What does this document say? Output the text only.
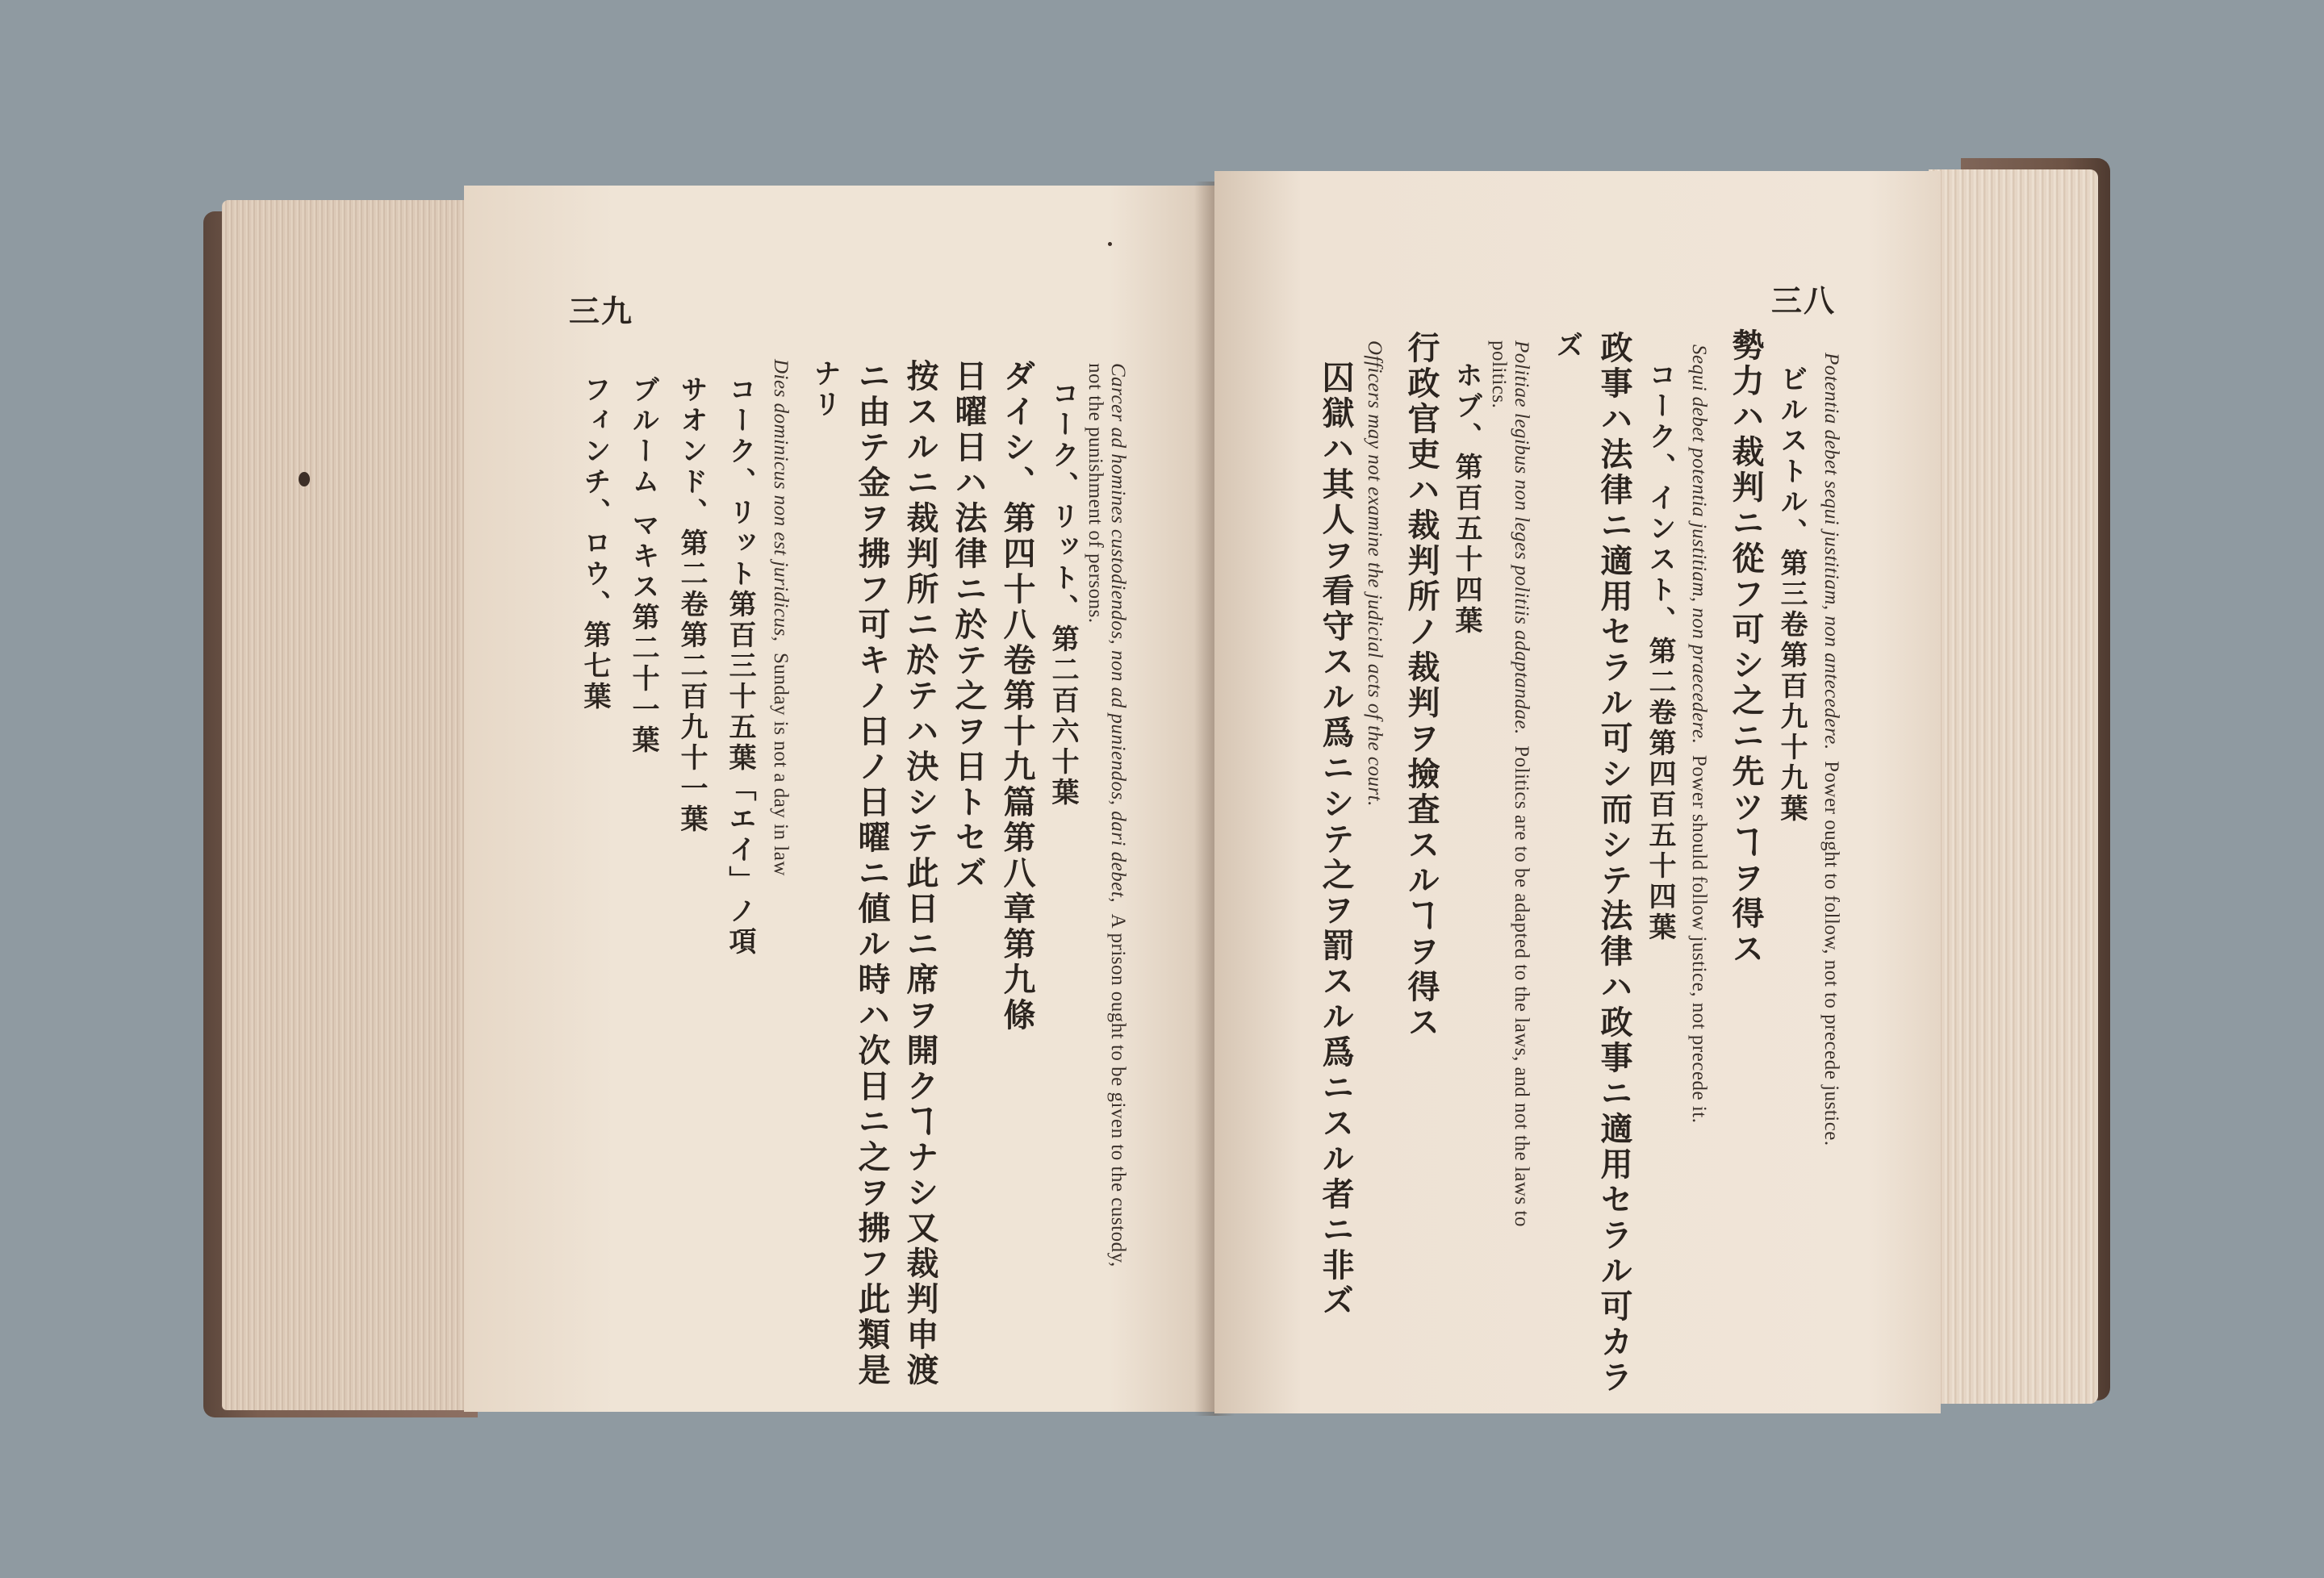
三九
Carcer ad homines custodiendos, non ad puniendos, dari debet,  A prison ought to be given to the custody,
not the punishment of persons.
コーク、リット、第二百六十葉
ダイシ、第四十八卷第十九篇第八章第九條
日曜日ハ法律ニ於テ之ヲ日トセズ
按スルニ裁判所ニ於テハ決シテ此日ニ席ヲ開クヿナシ又裁判申渡
ニ由テ金ヲ拂フ可キノ日ノ日曜ニ値ル時ハ次日ニ之ヲ拂フ此類是
ナリ
Dies dominicus non est juridicus,  Sunday is not a day in law
コーク、リット第百三十五葉「エイ」ノ項
サオンド、第二卷第二百九十一葉
ブルーム マキス第二十一葉
フィンチ、ロウ、第七葉
三八
Potentia debet sequi justitiam, non antecedere.  Power ought to follow, not to precede justice.
ビルストル、第三卷第百九十九葉
勢力ハ裁判ニ從フ可シ之ニ先ツヿヲ得ス
Sequi debet potentia justitiam, non praecedere.  Power should follow justice, not precede it.
コーク、インスト、第二卷第四百五十四葉
政事ハ法律ニ適用セラル可シ而シテ法律ハ政事ニ適用セラル可カラ
ズ
Politiae legibus non leges politiis adaptandae.  Politics are to be adapted to the laws, and not the laws to
politics.
ホブ、第百五十四葉
行政官吏ハ裁判所ノ裁判ヲ撿査スルヿヲ得ス
Officers may not examine the judicial acts of the court.
囚獄ハ其人ヲ看守スル爲ニシテ之ヲ罰スル爲ニスル者ニ非ズ
